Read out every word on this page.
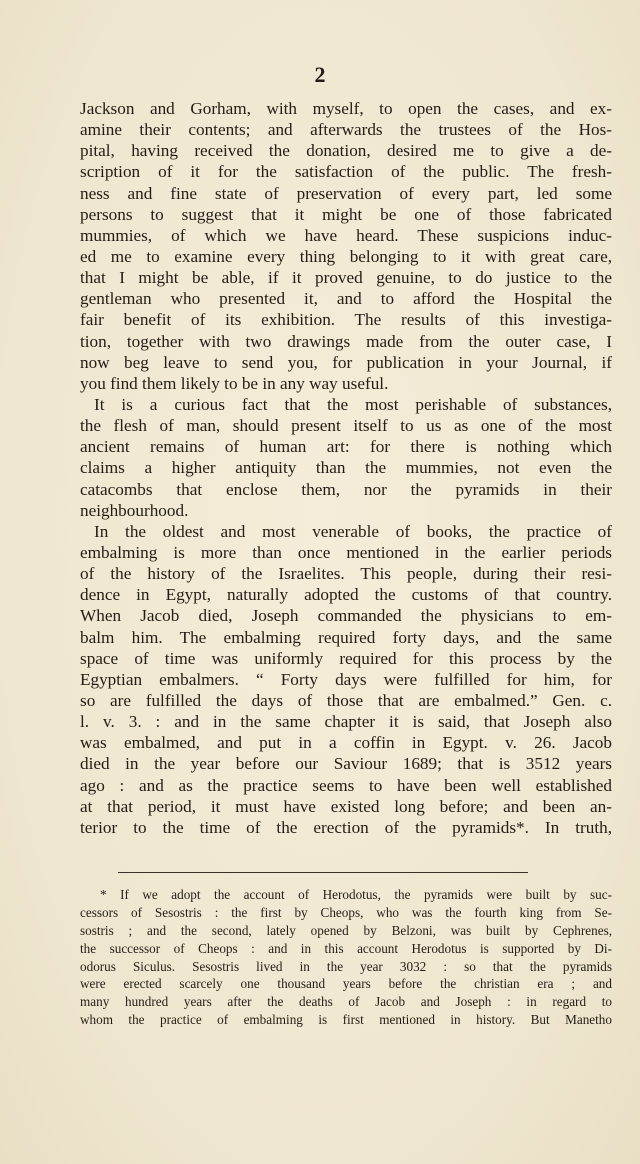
2
Jackson and Gorham, with myself, to open the cases, and ex-
amine their contents; and afterwards the trustees of the Hos-
pital, having received the donation, desired me to give a de-
scription of it for the satisfaction of the public. The fresh-
ness and fine state of preservation of every part, led some
persons to suggest that it might be one of those fabricated
mummies, of which we have heard. These suspicions induc-
ed me to examine every thing belonging to it with great care,
that I might be able, if it proved genuine, to do justice to the
gentleman who presented it, and to afford the Hospital the
fair benefit of its exhibition. The results of this investiga-
tion, together with two drawings made from the outer case, I
now beg leave to send you, for publication in your Journal, if
you find them likely to be in any way useful.
It is a curious fact that the most perishable of substances,
the flesh of man, should present itself to us as one of the most
ancient remains of human art: for there is nothing which
claims a higher antiquity than the mummies, not even the
catacombs that enclose them, nor the pyramids in their
neighbourhood.
In the oldest and most venerable of books, the practice of
embalming is more than once mentioned in the earlier periods
of the history of the Israelites. This people, during their resi-
dence in Egypt, naturally adopted the customs of that country.
When Jacob died, Joseph commanded the physicians to em-
balm him. The embalming required forty days, and the same
space of time was uniformly required for this process by the
Egyptian embalmers. “ Forty days were fulfilled for him, for
so are fulfilled the days of those that are embalmed.” Gen. c.
l. v. 3. : and in the same chapter it is said, that Joseph also
was embalmed, and put in a coffin in Egypt. v. 26. Jacob
died in the year before our Saviour 1689; that is 3512 years
ago : and as the practice seems to have been well established
at that period, it must have existed long before; and been an-
terior to the time of the erection of the pyramids*. In truth,
* If we adopt the account of Herodotus, the pyramids were built by suc-
cessors of Sesostris : the first by Cheops, who was the fourth king from Se-
sostris ; and the second, lately opened by Belzoni, was built by Cephrenes,
the successor of Cheops : and in this account Herodotus is supported by Di-
odorus Siculus. Sesostris lived in the year 3032 : so that the pyramids
were erected scarcely one thousand years before the christian era ; and
many hundred years after the deaths of Jacob and Joseph : in regard to
whom the practice of embalming is first mentioned in history. But Manetho
